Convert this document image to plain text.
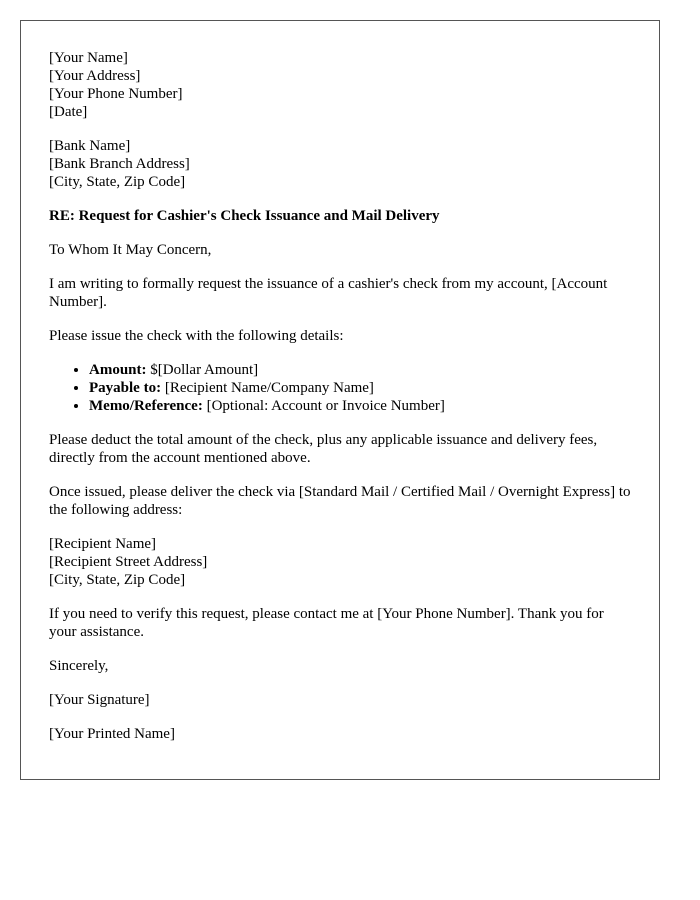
[Your Name]
[Your Address]
[Your Phone Number]
[Date]
[Bank Name]
[Bank Branch Address]
[City, State, Zip Code]
RE: Request for Cashier's Check Issuance and Mail Delivery

To Whom It May Concern,

I am writing to formally request the issuance of a cashier's check from my account, [Account Number].

Please issue the check with the following details:

• Amount: $[Dollar Amount]
• Payable to: [Recipient Name/Company Name]
• Memo/Reference: [Optional: Account or Invoice Number]

Please deduct the total amount of the check, plus any applicable issuance and delivery fees, directly from the account mentioned above.

Once issued, please deliver the check via [Standard Mail / Certified Mail / Overnight Express] to the following address:

[Recipient Name]
[Recipient Street Address]
[City, State, Zip Code]

If you need to verify this request, please contact me at [Your Phone Number]. Thank you for your assistance.

Sincerely,

[Your Signature]

[Your Printed Name]
